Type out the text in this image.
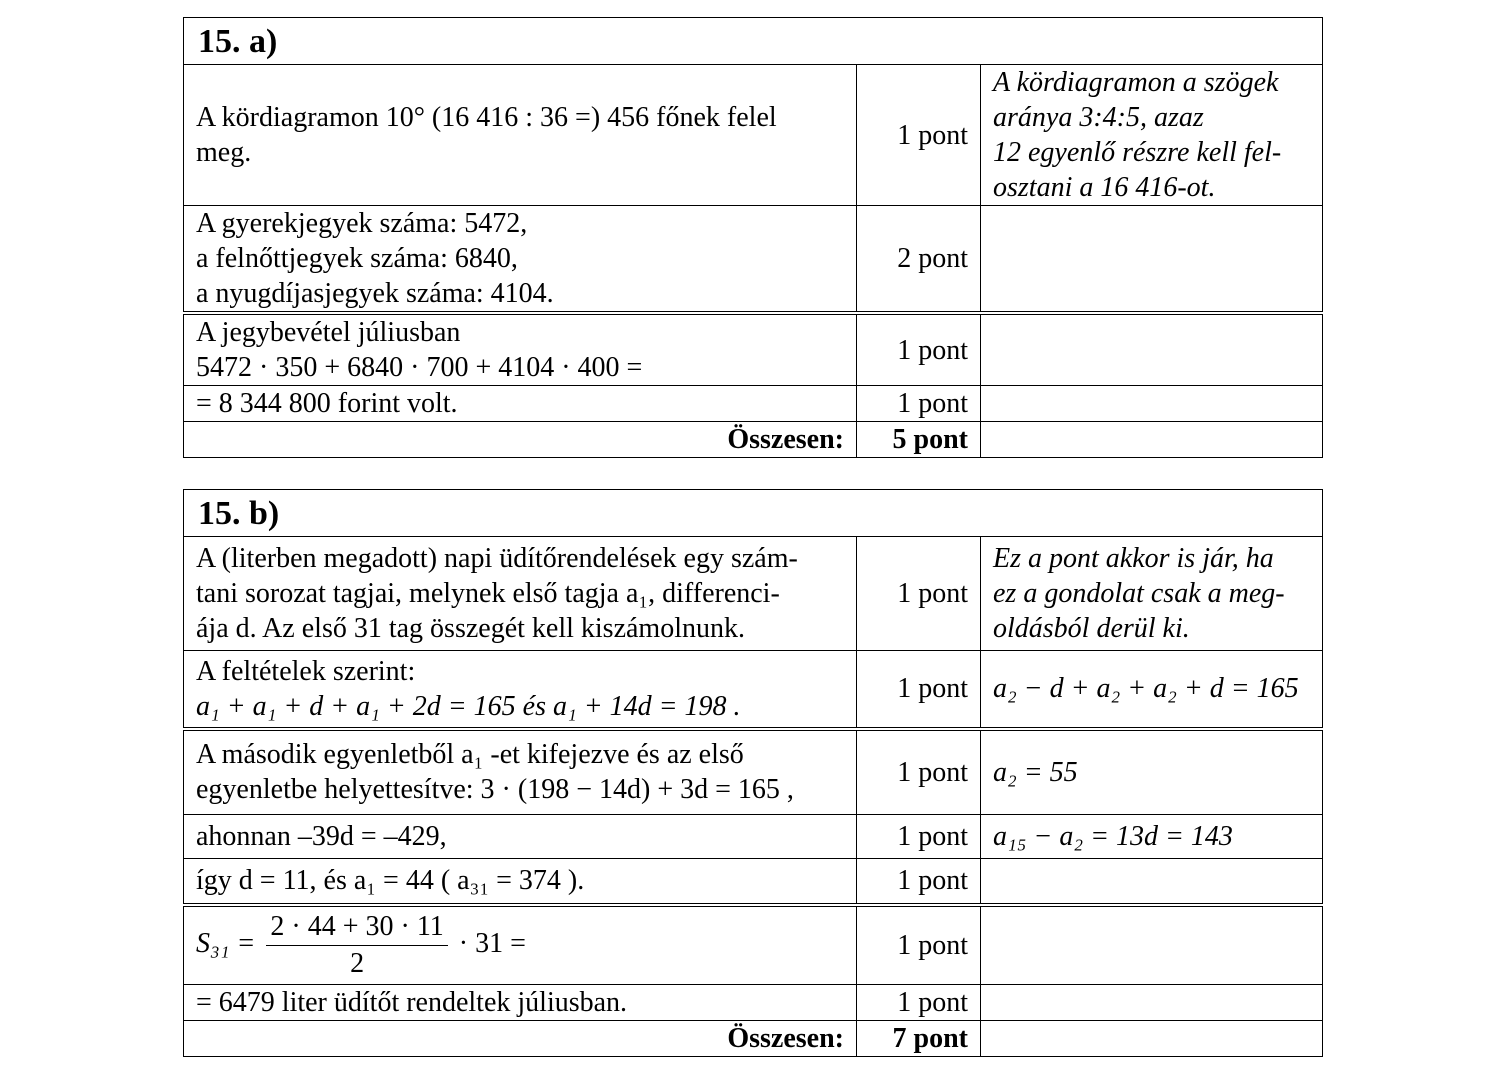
15. a)		

A kördiagramon 10° (16 416 : 36 =) 456 főnek felel
meg.	1 pont	A kördiagramon a szögek
aránya 3:4:5, azaz
12 egyenlő részre kell fel-
osztani a 16 416-ot.

A gyerekjegyek száma: 5472,
a felnőttjegyek száma: 6840,
a nyugdíjasjegyek száma: 4104.	2 pont	

A jegybevétel júliusban
5472 · 350 + 6840 · 700 + 4104 · 400 =	1 pont	
= 8 344 800 forint volt.	1 pont	
Összesen:	5 pont	
15. b)		

A (literben megadott) napi üdítőrendelések egy szám-
tani sorozat tagjai, melynek első tagja a₁, differenci-
ája d. Az első 31 tag összegét kell kiszámolnunk.	1 pont	Ez a pont akkor is jár, ha
ez a gondolat csak a meg-
oldásból derül ki.

A feltételek szerint:
a₁ + a₁ + d + a₁ + 2d = 165 és a₁ + 14d = 198 .	1 pont	a₂ − d + a₂ + a₂ + d = 165

A második egyenletből a₁ -et kifejezve és az első
egyenletbe helyettesítve: 3 · (198 − 14d) + 3d = 165 ,	1 pont	a₂ = 55
ahonnan –39d = –429,	1 pont	a₁₅ − a₂ = 13d = 143
így d = 11, és a₁ = 44 ( a₃₁ = 374 ).	1 pont	
$S_{31} = \frac{2 \cdot 44 + 30 \cdot 11}{2} \cdot 31$ =	1 pont	
= 6479 liter üdítőt rendeltek júliusban.	1 pont	
Összesen:	7 pont	
